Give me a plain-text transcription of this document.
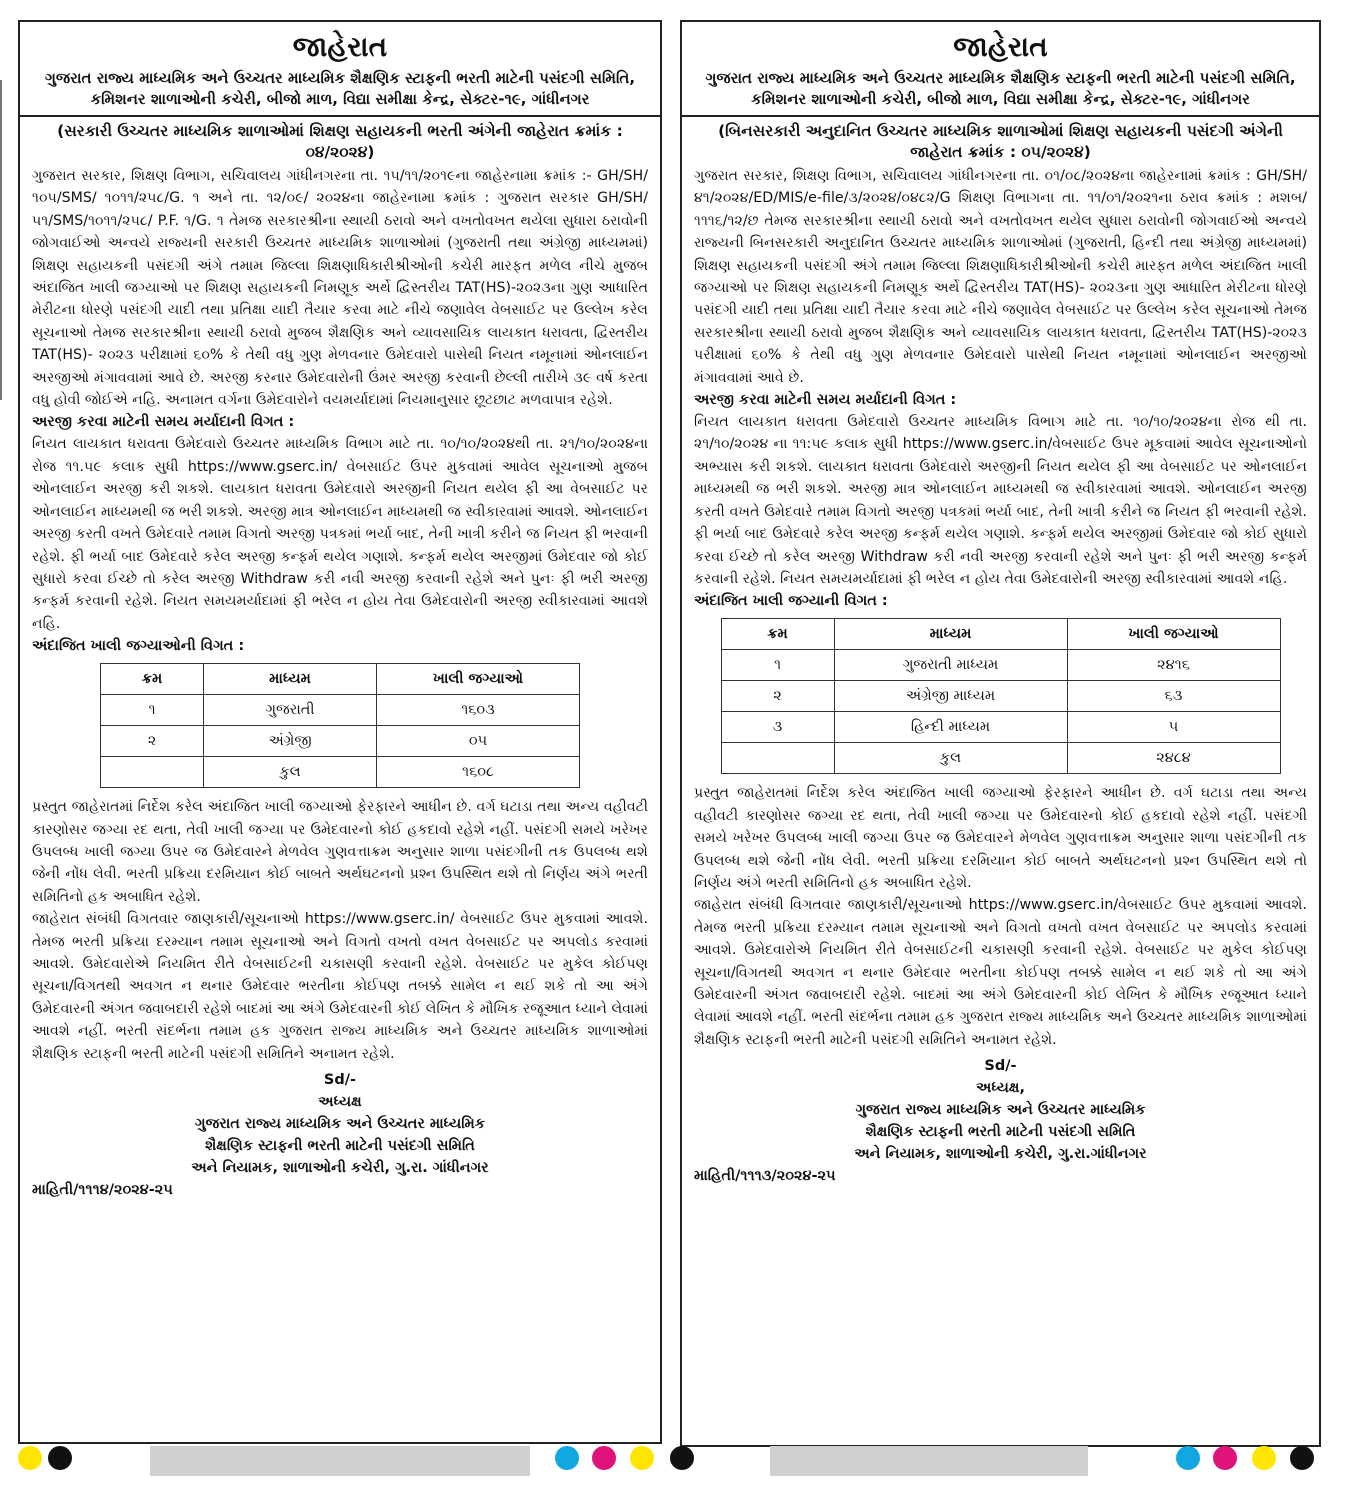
જાહેરાત
ગુજરાત રાજ્ય માધ્યમિક અને ઉચ્ચતર માધ્યમિક શૈક્ષણિક સ્ટાફની ભરતી માટેની પસંદગી સમિતિ,
કમિશનર શાળાઓની કચેરી, બીજો માળ, વિદ્યા સમીક્ષા કેન્દ્ર, સેક્ટર-૧૯, ગાંધીનગર
(સરકારી ઉચ્ચતર માધ્યમિક શાળાઓમાં શિક્ષણ સહાયકની ભરતી અંગેની જાહેરાત ક્રમાંક : ૦૪/૨૦૨૪)

ગુજરાત સરકાર, શિક્ષણ વિભાગ, સચિવાલય ગાંધીનગરના તા. ૧૫/૧૧/૨૦૧૯ના જાહેરનામા ક્રમાંક :- GH/SH/૧૦૫/SMS/ ૧૦૧૧/૨૫૮/G. ૧ અને તા. ૧૨/૦૯/ ૨૦૨૪ના જાહેરનામા ક્રમાંક : ગુજરાત સરકાર GH/SH/૫૧/SMS/૧૦૧૧/૨૫૮/ P.F. ૧/G. ૧ તેમજ સરકારશ્રીના સ્થાયી ઠરાવો અને વખતોવખત થયેલા સુધારા ઠરાવોની જોગવાઈઓ અન્વયે રાજ્યની સરકારી ઉચ્ચતર માધ્યમિક શાળાઓમાં (ગુજરાતી તથા અંગ્રેજી માધ્યમમાં) શિક્ષણ સહાયકની પસંદગી અંગે તમામ જિલ્લા શિક્ષણાધિકારીશ્રીઓની કચેરી મારફત મળેલ નીચે મુજબ અંદાજિત ખાલી જગ્યાઓ પર શિક્ષણ સહાયકની નિમણૂક અર્થે દ્વિસ્તરીય TAT(HS)-૨૦૨૩ના ગુણ આધારિત મેરીટના ધોરણે પસંદગી યાદી તથા પ્રતિક્ષા યાદી તૈયાર કરવા માટે નીચે જણાવેલ વેબસાઈટ પર ઉલ્લેખ કરેલ સૂચનાઓ તેમજ સરકારશ્રીના સ્થાયી ઠરાવો મુજબ શૈક્ષણિક અને વ્યાવસાયિક લાયકાત ધરાવતા, દ્વિસ્તરીય TAT(HS)- ૨૦૨૩ પરીક્ષામાં ૬૦% કે તેથી વધુ ગુણ મેળવનાર ઉમેદવારો પાસેથી નિયત નમૂનામાં ઓનલાઈન અરજીઓ મંગાવવામાં આવે છે. અરજી કરનાર ઉમેદવારોની ઉંમર અરજી કરવાની છેલ્લી તારીખે ૩૯ વર્ષ કરતા વધુ હોવી જોઈએ નહિ. અનામત વર્ગના ઉમેદવારોને વયમર્યાદામાં નિયમાનુસાર છૂટછાટ મળવાપાત્ર રહેશે.

અરજી કરવા માટેની સમય મર્યાદાની વિગત :

નિયત લાયકાત ધરાવતા ઉમેદવારો ઉચ્ચતર માધ્યમિક વિભાગ માટે તા. ૧૦/૧૦/૨૦૨૪થી તા. ૨૧/૧૦/૨૦૨૪ના રોજ ૧૧.૫૯ કલાક સુધી https://www.gserc.in/ વેબસાઈટ ઉપર મુકવામાં આવેલ સૂચનાઓ મુજબ ઓનલાઈન અરજી કરી શકશે. લાયકાત ધરાવતા ઉમેદવારો અરજીની નિયત થયેલ ફી આ વેબસાઈટ પર ઓનલાઈન માધ્યમથી જ ભરી શકશે. અરજી માત્ર ઓનલાઈન માધ્યમથી જ સ્વીકારવામાં આવશે. ઓનલાઈન અરજી કરતી વખતે ઉમેદવારે તમામ વિગતો અરજી પત્રકમાં ભર્યા બાદ, તેની ખાત્રી કરીને જ નિયત ફી ભરવાની રહેશે. ફી ભર્યા બાદ ઉમેદવારે કરેલ અરજી કન્ફર્મ થયેલ ગણાશે. કન્ફર્મ થયેલ અરજીમાં ઉમેદવાર જો કોઈ સુધારો કરવા ઈચ્છે તો કરેલ અરજી Withdraw કરી નવી અરજી કરવાની રહેશે અને પુનઃ ફી ભરી અરજી કન્ફર્મ કરવાની રહેશે. નિયત સમયમર્યાદામાં ફી ભરેલ ન હોય તેવા ઉમેદવારોની અરજી સ્વીકારવામાં આવશે નહિ.

અંદાજિત ખાલી જગ્યાઓની વિગત :

ક્રમ	માધ્યમ	ખાલી જગ્યાઓ
૧	ગુજરાતી	૧૬૦૩
૨	અંગ્રેજી	૦૫
	કુલ	૧૬૦૮

પ્રસ્તુત જાહેરાતમાં નિર્દેશ કરેલ અંદાજિત ખાલી જગ્યાઓ ફેરફારને આધીન છે. વર્ગ ઘટાડા તથા અન્ય વહીવટી કારણોસર જગ્યા રદ થતા, તેવી ખાલી જગ્યા પર ઉમેદવારનો કોઈ હકદાવો રહેશે નહીં. પસંદગી સમયે ખરેખર ઉપલબ્ધ ખાલી જગ્યા ઉપર જ ઉમેદવારને મેળવેલ ગુણવત્તાક્રમ અનુસાર શાળા પસંદગીની તક ઉપલબ્ધ થશે જેની નોંધ લેવી. ભરતી પ્રક્રિયા દરમિયાન કોઈ બાબતે અર્થઘટનનો પ્રશ્ન ઉપસ્થિત થશે તો નિર્ણય અંગે ભરતી સમિતિનો હક અબાધિત રહેશે.

જાહેરાત સંબંધી વિગતવાર જાણકારી/સૂચનાઓ https://www.gserc.in/ વેબસાઈટ ઉપર મુકવામાં આવશે. તેમજ ભરતી પ્રક્રિયા દરમ્યાન તમામ સૂચનાઓ અને વિગતો વખતો વખત વેબસાઈટ પર અપલોડ કરવામાં આવશે. ઉમેદવારોએ નિયમિત રીતે વેબસાઈટની ચકાસણી કરવાની રહેશે. વેબસાઈટ પર મુકેલ કોઈપણ સૂચના/વિગતથી અવગત ન થનાર ઉમેદવાર ભરતીના કોઈપણ તબક્કે સામેલ ન થઈ શકે તો આ અંગે ઉમેદવારની અંગત જવાબદારી રહેશે બાદમાં આ અંગે ઉમેદવારની કોઈ લેખિત કે મૌખિક રજૂઆત ધ્યાને લેવામાં આવશે નહીં. ભરતી સંદર્ભના તમામ હક ગુજરાત રાજ્ય માધ્યમિક અને ઉચ્ચતર માધ્યમિક શાળાઓમાં શૈક્ષણિક સ્ટાફની ભરતી માટેની પસંદગી સમિતિને અનામત રહેશે.

Sd/-
અધ્યક્ષ
ગુજરાત રાજ્ય માધ્યમિક અને ઉચ્ચતર માધ્યમિક
શૈક્ષણિક સ્ટાફની ભરતી માટેની પસંદગી સમિતિ
અને નિયામક, શાળાઓની કચેરી, ગુ.રા. ગાંધીનગર
માહિતી/૧૧૧૪/૨૦૨૪-૨૫
જાહેરાત
ગુજરાત રાજ્ય માધ્યમિક અને ઉચ્ચતર માધ્યમિક શૈક્ષણિક સ્ટાફની ભરતી માટેની પસંદગી સમિતિ,
કમિશનર શાળાઓની કચેરી, બીજો માળ, વિદ્યા સમીક્ષા કેન્દ્ર, સેક્ટર-૧૯, ગાંધીનગર
(બિનસરકારી અનુદાનિત ઉચ્ચતર માધ્યમિક શાળાઓમાં શિક્ષણ સહાયકની પસંદગી અંગેની જાહેરાત ક્રમાંક : ૦૫/૨૦૨૪)

ગુજરાત સરકાર, શિક્ષણ વિભાગ, સચિવાલય ગાંધીનગરના તા. ૦૧/૦૮/૨૦૨૪ના જાહેરનામાં ક્રમાંક : GH/SH/ ૪૧/૨૦૨૪/ED/MIS/e-file/૩/૨૦૨૪/૦૪૮૨/G શિક્ષણ વિભાગના તા. ૧૧/૦૧/૨૦૨૧ના ઠરાવ ક્રમાંક : મશબ/૧૧૧૬/૧૨/છ તેમજ સરકારશ્રીના સ્થાયી ઠરાવો અને વખતોવખત થયેલ સુધારા ઠરાવોની જોગવાઈઓ અન્વયે રાજ્યની બિનસરકારી અનુદાનિત ઉચ્ચતર માધ્યમિક શાળાઓમાં (ગુજરાતી, હિન્દી તથા અંગ્રેજી માધ્યમમાં) શિક્ષણ સહાયકની પસંદગી અંગે તમામ જિલ્લા શિક્ષણાધિકારીશ્રીઓની કચેરી મારફત મળેલ અંદાજિત ખાલી જગ્યાઓ પર શિક્ષણ સહાયકની નિમણૂક અર્થે દ્વિસ્તરીય TAT(HS)- ૨૦૨૩ના ગુણ આધારિત મેરીટના ધોરણે પસંદગી યાદી તથા પ્રતિક્ષા યાદી તૈયાર કરવા માટે નીચે જણાવેલ વેબસાઈટ પર ઉલ્લેખ કરેલ સૂચનાઓ તેમજ સરકારશ્રીના સ્થાયી ઠરાવો મુજબ શૈક્ષણિક અને વ્યાવસાયિક લાયકાત ધરાવતા, દ્વિસ્તરીય TAT(HS)-૨૦૨૩ પરીક્ષામાં ૬૦% કે તેથી વધુ ગુણ મેળવનાર ઉમેદવારો પાસેથી નિયત નમૂનામાં ઓનલાઈન અરજીઓ મંગાવવામાં આવે છે.

અરજી કરવા માટેની સમય મર્યાદાની વિગત :

નિયત લાયકાત ધરાવતા ઉમેદવારો ઉચ્ચતર માધ્યમિક વિભાગ માટે તા. ૧૦/૧૦/૨૦૨૪ના રોજ થી તા. ૨૧/૧૦/૨૦૨૪ ના ૧૧:૫૯ કલાક સુધી https://www.gserc.in/વેબસાઈટ ઉપર મૂકવામાં આવેલ સૂચનાઓનો અભ્યાસ કરી શકશે. લાયકાત ધરાવતા ઉમેદવારો અરજીની નિયત થયેલ ફી આ વેબસાઈટ પર ઓનલાઈન માધ્યમથી જ ભરી શકશે. અરજી માત્ર ઓનલાઈન માધ્યમથી જ સ્વીકારવામાં આવશે. ઓનલાઈન અરજી કરતી વખતે ઉમેદવારે તમામ વિગતો અરજી પત્રકમાં ભર્યા બાદ, તેની ખાત્રી કરીને જ નિયત ફી ભરવાની રહેશે. ફી ભર્યા બાદ ઉમેદવારે કરેલ અરજી કન્ફર્મ થયેલ ગણાશે. કન્ફર્મ થયેલ અરજીમાં ઉમેદવાર જો કોઈ સુધારો કરવા ઈચ્છે તો કરેલ અરજી Withdraw કરી નવી અરજી કરવાની રહેશે અને પુનઃ ફી ભરી અરજી કન્ફર્મ કરવાની રહેશે. નિયત સમયમર્યાદામાં ફી ભરેલ ન હોય તેવા ઉમેદવારોની અરજી સ્વીકારવામાં આવશે નહિ.

અંદાજિત ખાલી જગ્યાની વિગત :

ક્રમ	માધ્યમ	ખાલી જગ્યાઓ
૧	ગુજરાતી માધ્યમ	૨૪૧૬
૨	અંગ્રેજી માધ્યમ	૬૩
૩	હિન્દી માધ્યમ	૫
	કુલ	૨૪૮૪

પ્રસ્તુત જાહેરાતમાં નિર્દેશ કરેલ અંદાજિત ખાલી જગ્યાઓ ફેરફારને આધીન છે. વર્ગ ઘટાડા તથા અન્ય વહીવટી કારણોસર જગ્યા રદ થતા, તેવી ખાલી જગ્યા પર ઉમેદવારનો કોઈ હકદાવો રહેશે નહીં. પસંદગી સમયે ખરેખર ઉપલબ્ધ ખાલી જગ્યા ઉપર જ ઉમેદવારને મેળવેલ ગુણવત્તાક્રમ અનુસાર શાળા પસંદગીની તક ઉપલબ્ધ થશે જેની નોંધ લેવી. ભરતી પ્રક્રિયા દરમિયાન કોઈ બાબતે અર્થઘટનનો પ્રશ્ન ઉપસ્થિત થશે તો નિર્ણય અંગે ભરતી સમિતિનો હક અબાધિત રહેશે.

જાહેરાત સંબંધી વિગતવાર જાણકારી/સૂચનાઓ https://www.gserc.in/વેબસાઈટ ઉપર મુકવામાં આવશે. તેમજ ભરતી પ્રક્રિયા દરમ્યાન તમામ સૂચનાઓ અને વિગતો વખતો વખત વેબસાઈટ પર અપલોડ કરવામાં આવશે. ઉમેદવારોએ નિયમિત રીતે વેબસાઈટની ચકાસણી કરવાની રહેશે. વેબસાઈટ પર મુકેલ કોઈપણ સૂચના/વિગતથી અવગત ન થનાર ઉમેદવાર ભરતીના કોઈપણ તબક્કે સામેલ ન થઈ શકે તો આ અંગે ઉમેદવારની અંગત જવાબદારી રહેશે. બાદમાં આ અંગે ઉમેદવારની કોઈ લેખિત કે મૌખિક રજૂઆત ધ્યાને લેવામાં આવશે નહીં. ભરતી સંદર્ભના તમામ હક ગુજરાત રાજ્ય માધ્યમિક અને ઉચ્ચતર માધ્યમિક શાળાઓમાં શૈક્ષણિક સ્ટાફની ભરતી માટેની પસંદગી સમિતિને અનામત રહેશે.

Sd/-
અધ્યક્ષ,
ગુજરાત રાજ્ય માધ્યમિક અને ઉચ્ચતર માધ્યમિક
શૈક્ષણિક સ્ટાફની ભરતી માટેની પસંદગી સમિતિ
અને નિયામક, શાળાઓની કચેરી, ગુ.રા.ગાંધીનગર
માહિતી/૧૧૧૩/૨૦૨૪-૨૫
